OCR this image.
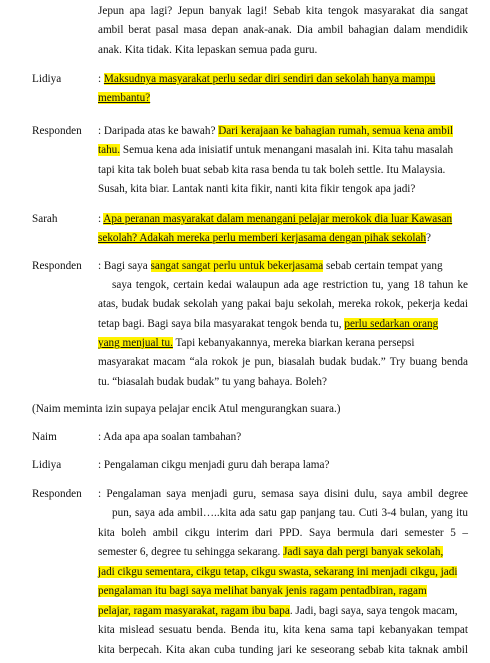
Jepun apa lagi? Jepun banyak lagi! Sebab kita tengok masyarakat dia sangat
ambil berat pasal masa depan anak-anak. Dia ambil bahagian dalam mendidik
anak. Kita tidak. Kita lepaskan semua pada guru.
Lidiya	: Maksudnya masyarakat perlu sedar diri sendiri dan sekolah hanya mampu
membantu?
Responden : Daripada atas ke bawah? Dari kerajaan ke bahagian rumah, semua kena ambil
tahu. Semua kena ada inisiatif untuk menangani masalah ini. Kita tahu masalah
tapi kita tak boleh buat sebab kita rasa benda tu tak boleh settle. Itu Malaysia.
Susah, kita biar. Lantak nanti kita fikir, nanti kita fikir tengok apa jadi?
Sarah	: Apa peranan masyarakat dalam menangani pelajar merokok dia luar Kawasan
sekolah? Adakah mereka perlu memberi kerjasama dengan pihak sekolah?
Responden : Bagi saya sangat sangat perlu untuk bekerjasama sebab certain tempat yang
saya tengok, certain kedai walaupun ada age restriction tu, yang 18 tahun ke
atas, budak budak sekolah yang pakai baju sekolah, mereka rokok, pekerja kedai
tetap bagi. Bagi saya bila masyarakat tengok benda tu, perlu sedarkan orang
yang menjual tu. Tapi kebanyakannya, mereka biarkan kerana persepsi
masyarakat macam “ala rokok je pun, biasalah budak budak.” Try buang benda
tu. “biasalah budak budak” tu yang bahaya. Boleh?
(Naim meminta izin supaya pelajar encik Atul mengurangkan suara.)
Naim	: Ada apa apa soalan tambahan?
Lidiya	: Pengalaman cikgu menjadi guru dah berapa lama?
Responden : Pengalaman saya menjadi guru, semasa saya disini dulu, saya ambil degree
pun, saya ada ambil…..kita ada satu gap panjang tau. Cuti 3-4 bulan, yang itu
kita boleh ambil cikgu interim dari PPD. Saya bermula dari semester 5 –
semester 6, degree tu sehingga sekarang. Jadi saya dah pergi banyak sekolah,
jadi cikgu sementara, cikgu tetap, cikgu swasta, sekarang ini menjadi cikgu, jadi
pengalaman itu bagi saya melihat banyak jenis ragam pentadbiran, ragam
pelajar, ragam masyarakat, ragam ibu bapa. Jadi, bagi saya, saya tengok macam,
kita mislead sesuatu benda. Benda itu, kita kena sama tapi kebanyakan tempat
kita berpecah. Kita akan cuba tunding jari ke seseorang sebab kita taknak ambil
